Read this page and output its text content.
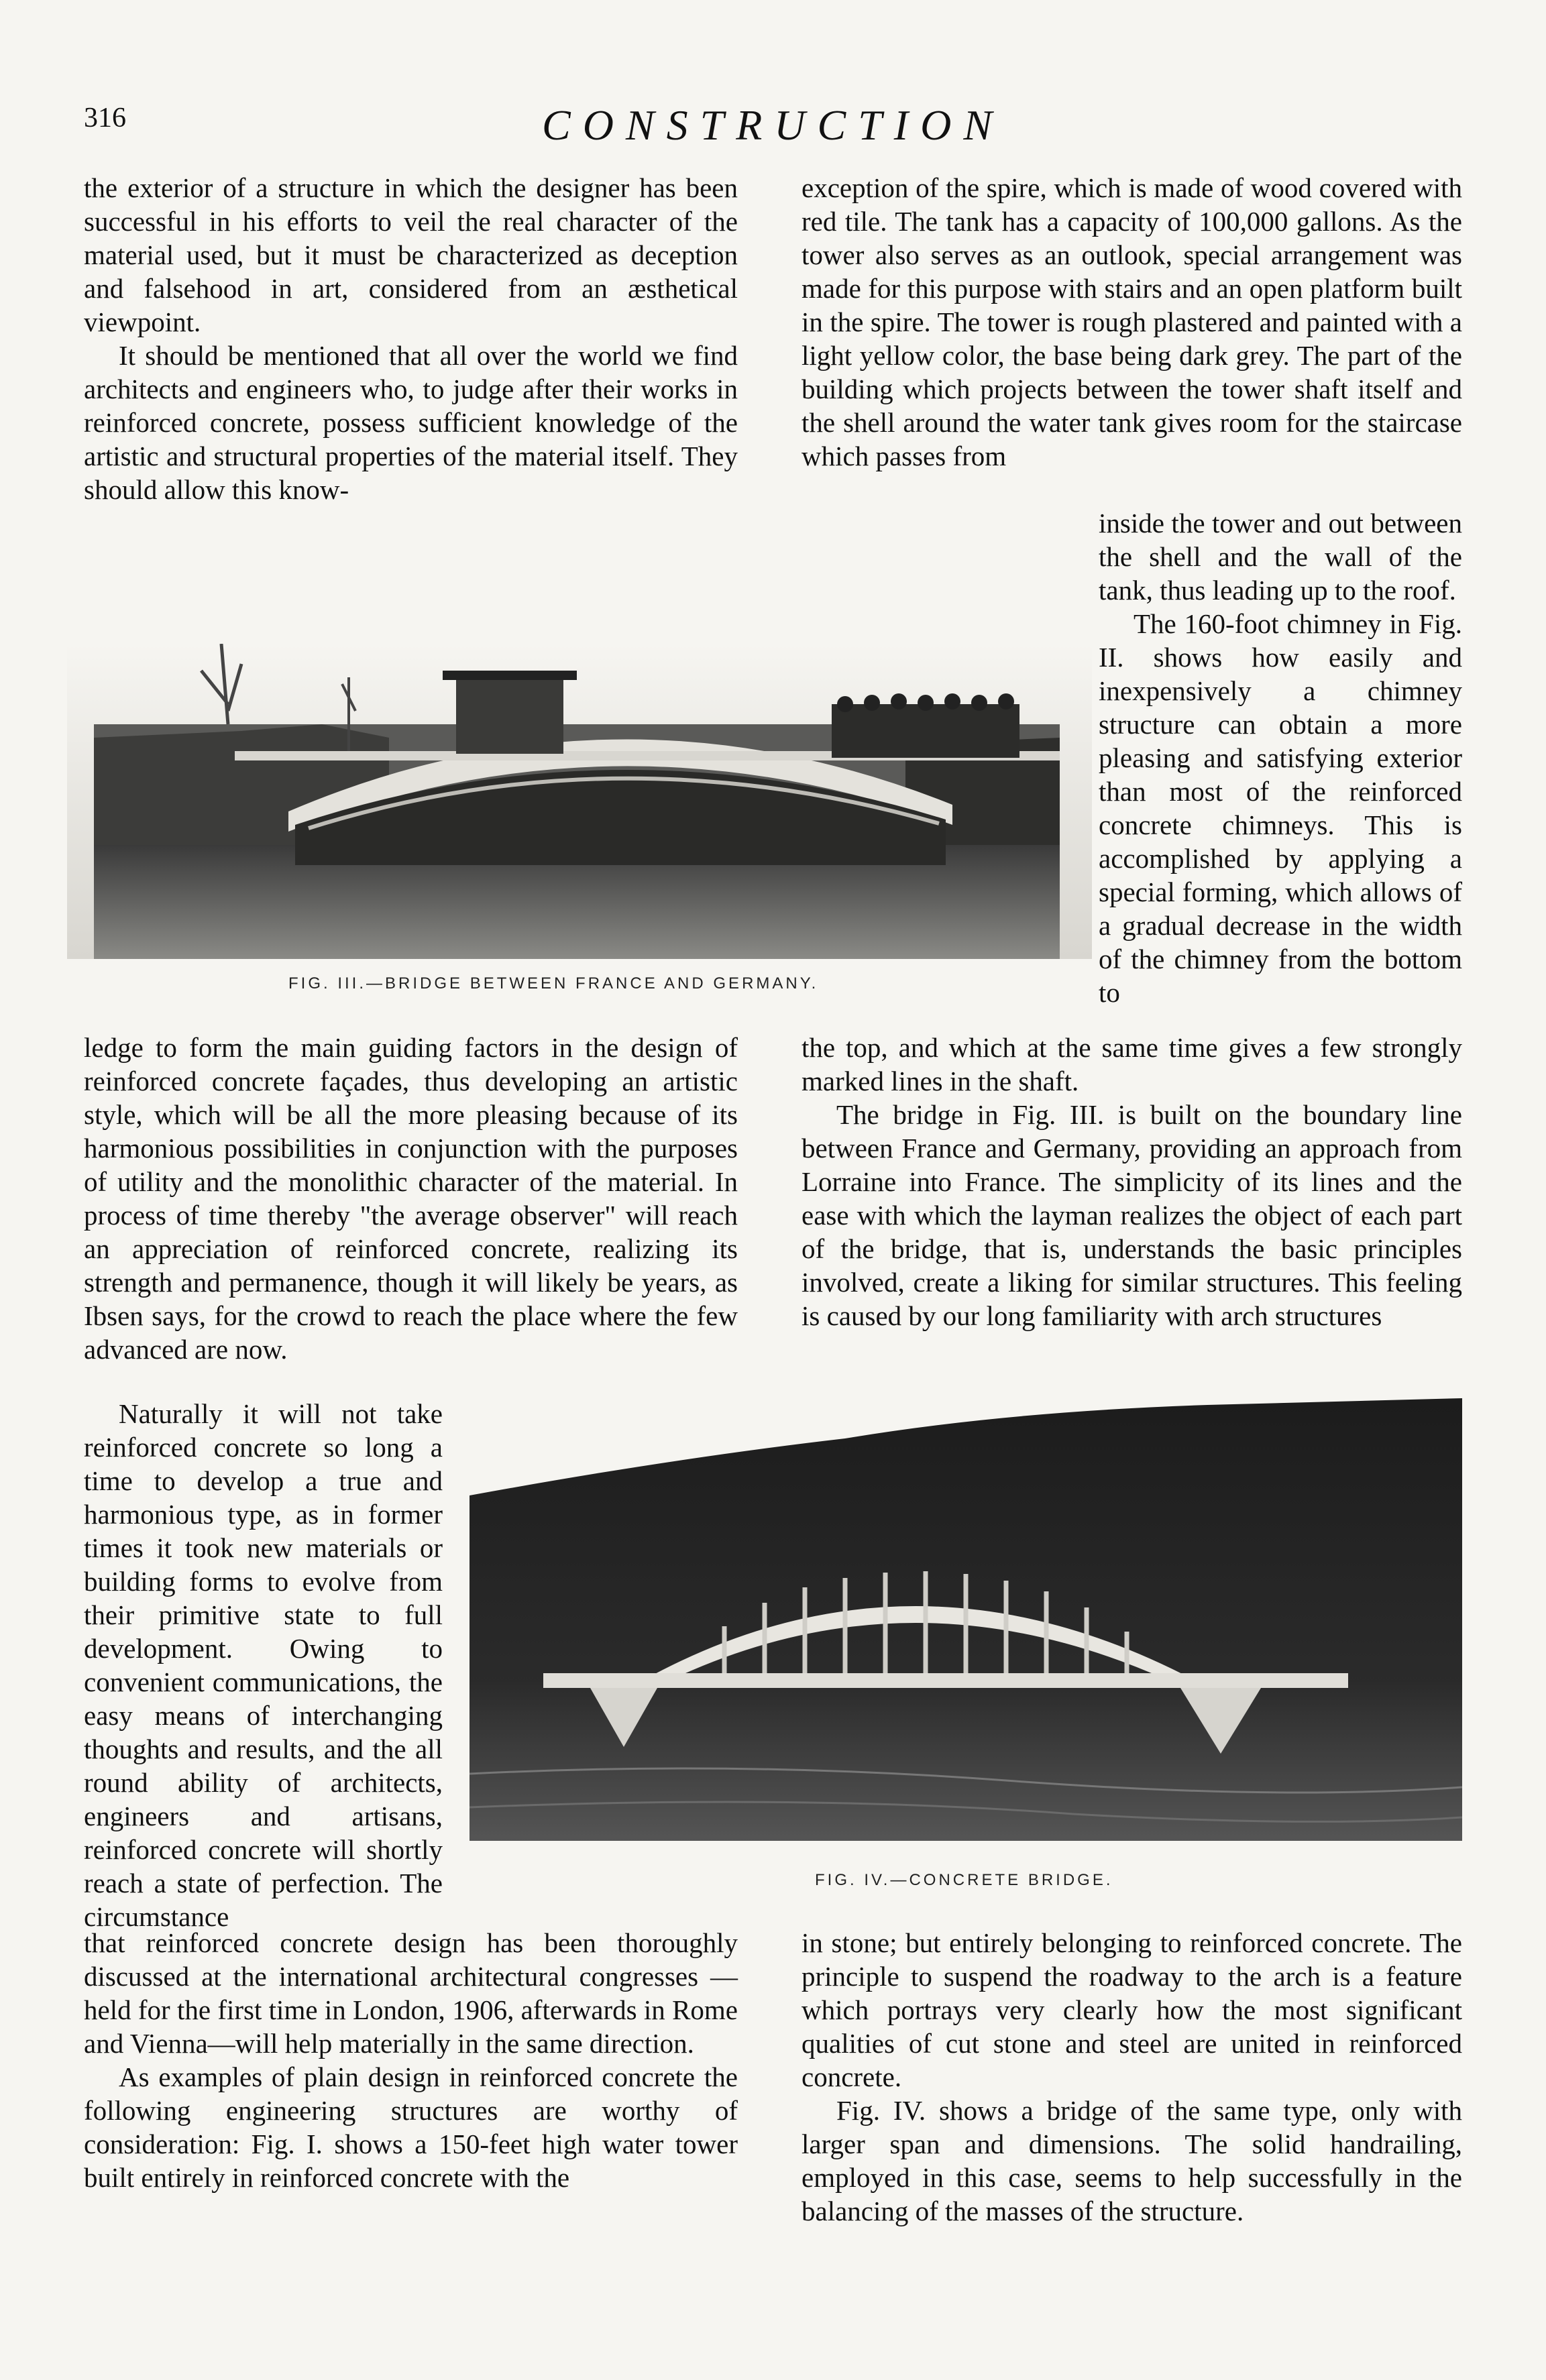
316	CONSTRUCTION

the exterior of a structure in which the designer has been successful in his efforts to veil the real character of the material used, but it must be characterized as deception and falsehood in art, considered from an æsthetical viewpoint.

It should be mentioned that all over the world we find architects and engineers who, to judge after their works in reinforced concrete, possess sufficient knowledge of the artistic and structural properties of the material itself. They should allow this know-

exception of the spire, which is made of wood covered with red tile. The tank has a capacity of 100,000 gallons. As the tower also serves as an outlook, special arrangement was made for this purpose with stairs and an open platform built in the spire. The tower is rough plastered and painted with a light yellow color, the base being dark grey. The part of the building which projects between the tower shaft itself and the shell around the water tank gives room for the staircase which passes from

inside the tower and out between the shell and the wall of the tank, thus leading up to the roof.

The 160-foot chimney in Fig. II. shows how easily and inexpensively a chimney structure can obtain a more pleasing and satisfying exterior than most of the reinforced concrete chimneys. This is accomplished by applying a special forming, which allows of a gradual decrease in the width of the chimney from the bottom to

FIG. III.—BRIDGE BETWEEN FRANCE AND GERMANY.

ledge to form the main guiding factors in the design of reinforced concrete façades, thus developing an artistic style, which will be all the more pleasing because of its harmonious possibilities in conjunction with the purposes of utility and the monolithic character of the material. In process of time thereby "the average observer" will reach an appreciation of reinforced concrete, realizing its strength and permanence, though it will likely be years, as Ibsen says, for the crowd to reach the place where the few advanced are now.

the top, and which at the same time gives a few strongly marked lines in the shaft.

The bridge in Fig. III. is built on the boundary line between France and Germany, providing an approach from Lorraine into France. The simplicity of its lines and the ease with which the layman realizes the object of each part of the bridge, that is, understands the basic principles involved, create a liking for similar structures. This feeling is caused by our long familiarity with arch structures

Naturally it will not take reinforced concrete so long a time to develop a true and harmonious type, as in former times it took new materials or building forms to evolve from their primitive state to full development. Owing to convenient communications, the easy means of interchanging thoughts and results, and the all round ability of architects, engineers and artisans, reinforced concrete will shortly reach a state of perfection. The circumstance

FIG. IV.—CONCRETE BRIDGE.

that reinforced concrete design has been thoroughly discussed at the international architectural congresses —held for the first time in London, 1906, afterwards in Rome and Vienna—will help materially in the same direction.

As examples of plain design in reinforced concrete the following engineering structures are worthy of consideration: Fig. I. shows a 150-feet high water tower built entirely in reinforced concrete with the

in stone; but entirely belonging to reinforced concrete. The principle to suspend the roadway to the arch is a feature which portrays very clearly how the most significant qualities of cut stone and steel are united in reinforced concrete.

Fig. IV. shows a bridge of the same type, only with larger span and dimensions. The solid handrailing, employed in this case, seems to help successfully in the balancing of the masses of the structure.
